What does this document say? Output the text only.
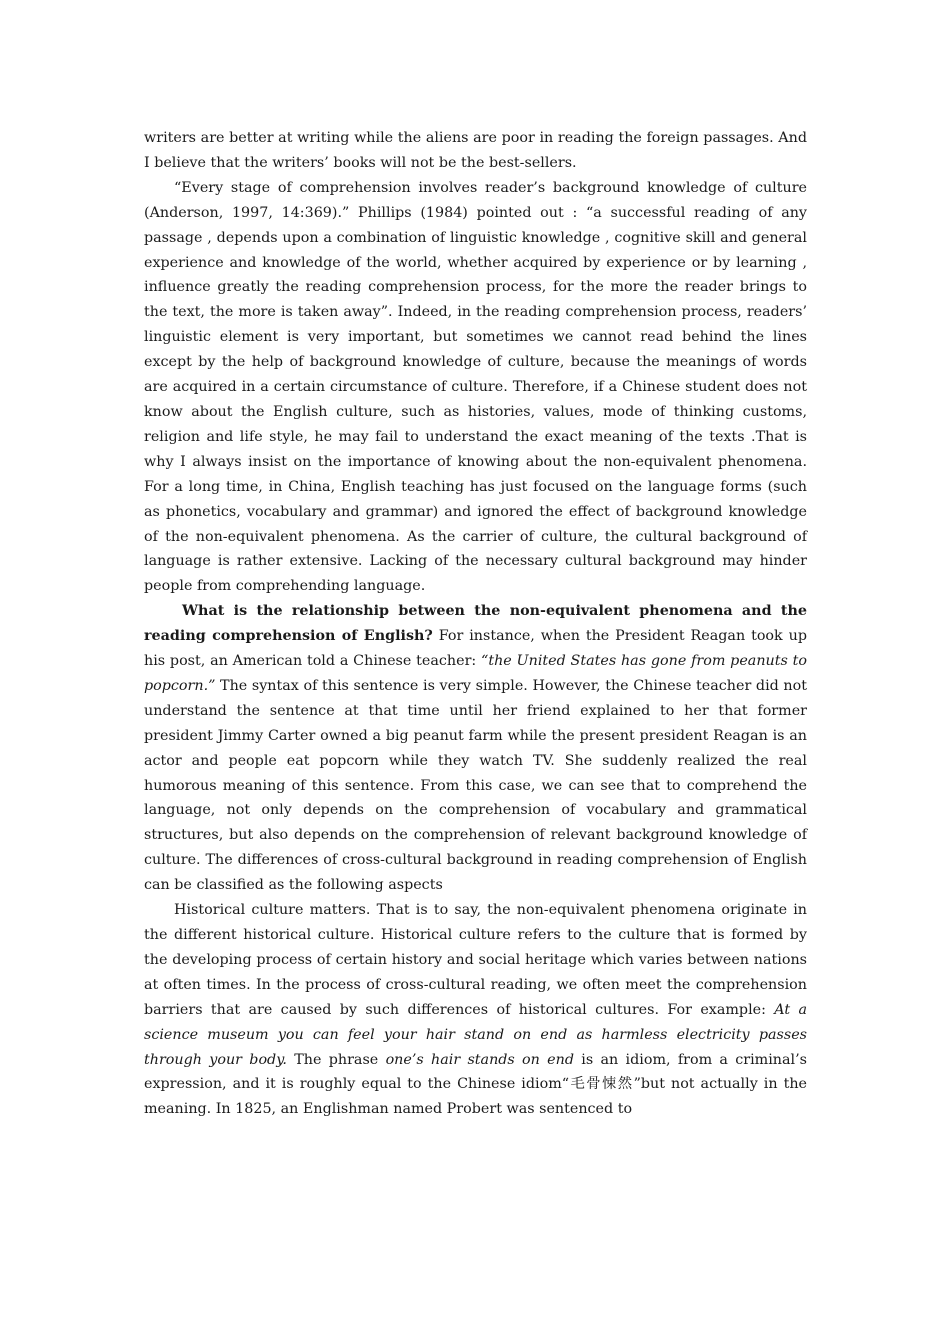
writers are better at writing while the aliens are poor in reading the foreign passages. And I believe that the writers’ books will not be the best-sellers.

“Every stage of comprehension involves reader’s background knowledge of culture (Anderson, 1997, 14:369).” Phillips (1984) pointed out : “a successful reading of any passage , depends upon a combination of linguistic knowledge , cognitive skill and general experience and knowledge of the world, whether acquired by experience or by learning , influence greatly the reading comprehension process, for the more the reader brings to the text, the more is taken away”. Indeed, in the reading comprehension process, readers’ linguistic element is very important, but sometimes we cannot read behind the lines except by the help of background knowledge of culture, because the meanings of words are acquired in a certain circumstance of culture. Therefore, if a Chinese student does not know about the English culture, such as histories, values, mode of thinking customs, religion and life style, he may fail to understand the exact meaning of the texts .That is why I always insist on the importance of knowing about the non-equivalent phenomena. For a long time, in China, English teaching has just focused on the language forms (such as phonetics, vocabulary and grammar) and ignored the effect of background knowledge of the non-equivalent phenomena. As the carrier of culture, the cultural background of language is rather extensive. Lacking of the necessary cultural background may hinder people from comprehending language.

What is the relationship between the non-equivalent phenomena and the reading comprehension of English? For instance, when the President Reagan took up his post, an American told a Chinese teacher: “the United States has gone from peanuts to popcorn.” The syntax of this sentence is very simple. However, the Chinese teacher did not understand the sentence at that time until her friend explained to her that former president Jimmy Carter owned a big peanut farm while the present president Reagan is an actor and people eat popcorn while they watch TV. She suddenly realized the real humorous meaning of this sentence. From this case, we can see that to comprehend the language, not only depends on the comprehension of vocabulary and grammatical structures, but also depends on the comprehension of relevant background knowledge of culture. The differences of cross-cultural background in reading comprehension of English can be classified as the following aspects

Historical culture matters. That is to say, the non-equivalent phenomena originate in the different historical culture. Historical culture refers to the culture that is formed by the developing process of certain history and social heritage which varies between nations at often times. In the process of cross-cultural reading, we often meet the comprehension barriers that are caused by such differences of historical cultures. For example: At a science museum you can feel your hair stand on end as harmless electricity passes through your body. The phrase one’s hair stands on end is an idiom, from a criminal’s expression, and it is roughly equal to the Chinese idiom“毛骨悚然”but not actually in the meaning. In 1825, an Englishman named Probert was sentenced to
